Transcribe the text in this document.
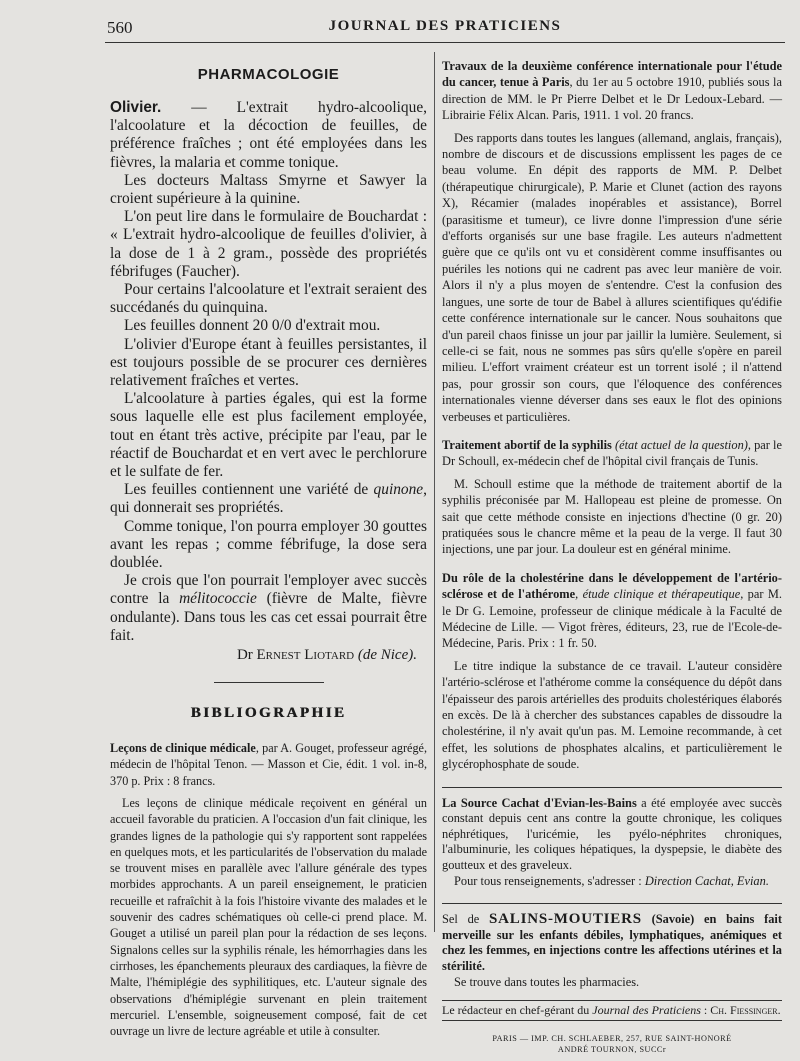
560	JOURNAL DES PRATICIENS
PHARMACOLOGIE

Olivier. — L'extrait hydro-alcoolique, l'alcoolature et la décoction de feuilles, de préférence fraîches ; ont été employées dans les fièvres, la malaria et comme tonique.

Les docteurs Maltass Smyrne et Sawyer la croient supérieure à la quinine.

L'on peut lire dans le formulaire de Bouchardat : « L'extrait hydro-alcoolique de feuilles d'olivier, à la dose de 1 à 2 gram., possède des propriétés fébrifuges (Faucher).

Pour certains l'alcoolature et l'extrait seraient des succédanés du quinquina.

Les feuilles donnent 20 0/0 d'extrait mou.

L'olivier d'Europe étant à feuilles persistantes, il est toujours possible de se procurer ces dernières relativement fraîches et vertes.

L'alcoolature à parties égales, qui est la forme sous laquelle elle est plus facilement employée, tout en étant très active, précipite par l'eau, par le réactif de Bouchardat et en vert avec le perchlorure et le sulfate de fer.

Les feuilles contiennent une variété de quinone, qui donnerait ses propriétés.

Comme tonique, l'on pourra employer 30 gouttes avant les repas ; comme fébrifuge, la dose sera doublée.

Je crois que l'on pourrait l'employer avec succès contre la mélitococcie (fièvre de Malte, fièvre ondulante). Dans tous les cas cet essai pourrait être fait.

Dr Ernest Liotard (de Nice).
BIBLIOGRAPHIE

Leçons de clinique médicale, par A. Gouget, professeur agrégé, médecin de l'hôpital Tenon. — Masson et Cie, édit. 1 vol. in-8, 370 p. Prix : 8 francs.

Les leçons de clinique médicale reçoivent en général un accueil favorable du praticien. A l'occasion d'un fait clinique, les grandes lignes de la pathologie qui s'y rapportent sont rappelées en quelques mots, et les particularités de l'observation du malade se trouvent mises en parallèle avec l'allure générale des types morbides approchants. A un pareil enseignement, le praticien recueille et rafraîchit à la fois l'histoire vivante des malades et le souvenir des cadres schématiques où celle-ci prend place. M. Gouget a utilisé un pareil plan pour la rédaction de ses leçons. Signalons celles sur la syphilis rénale, les hémorrhagies dans les cirrhoses, les épanchements pleuraux des cardiaques, la fièvre de Malte, l'hémiplégie des syphilitiques, etc. L'auteur signale des observations d'hémiplégie survenant en plein traitement mercuriel. L'ensemble, soigneusement composé, fait de cet ouvrage un livre de lecture agréable et utile à consulter.

Travaux de la deuxième conférence internationale pour l'étude du cancer, tenue à Paris, du 1er au 5 octobre 1910, publiés sous la direction de MM. le Pr Pierre Delbet et le Dr Ledoux-Lebard. — Librairie Félix Alcan. Paris, 1911. 1 vol. 20 francs.

Des rapports dans toutes les langues (allemand, anglais, français), nombre de discours et de discussions emplissent les pages de ce beau volume. En dépit des rapports de MM. P. Delbet (thérapeutique chirurgicale), P. Marie et Clunet (action des rayons X), Récamier (malades inopérables et assistance), Borrel (parasitisme et tumeur), ce livre donne l'impression d'une série d'efforts organisés sur une base fragile. Les auteurs n'admettent guère que ce qu'ils ont vu et considèrent comme insuffisantes ou puériles les notions qui ne cadrent pas avec leur manière de voir. Alors il n'y a plus moyen de s'entendre. C'est la confusion des langues, une sorte de tour de Babel à allures scientifiques qu'édifie cette conférence internationale sur le cancer. Nous souhaitons que d'un pareil chaos finisse un jour par jaillir la lumière. Seulement, si celle-ci se fait, nous ne sommes pas sûrs qu'elle s'opère en pareil milieu. L'effort vraiment créateur est un torrent isolé ; il n'attend pas, pour grossir son cours, que l'éloquence des conférences internationales vienne déverser dans ses eaux le flot des opinions verbeuses et particulières.

Traitement abortif de la syphilis (état actuel de la question), par le Dr Schoull, ex-médecin chef de l'hôpital civil français de Tunis.

M. Schoull estime que la méthode de traitement abortif de la syphilis préconisée par M. Hallopeau est pleine de promesse. On sait que cette méthode consiste en injections d'hectine (0 gr. 20) pratiquées sous le chancre même et la peau de la verge. Il faut 30 injections, une par jour. La douleur est en général minime.

Du rôle de la cholestérine dans le développement de l'artério-sclérose et de l'athérome, étude clinique et thérapeutique, par M. le Dr G. Lemoine, professeur de clinique médicale à la Faculté de Médecine de Lille. — Vigot frères, éditeurs, 23, rue de l'Ecole-de-Médecine, Paris. Prix : 1 fr. 50.

Le titre indique la substance de ce travail. L'auteur considère l'artério-sclérose et l'athérome comme la conséquence du dépôt dans l'épaisseur des parois artérielles des produits cholestériques élaborés en excès. De là à chercher des substances capables de dissoudre la cholestérine, il n'y avait qu'un pas. M. Lemoine recommande, à cet effet, les solutions de phosphates alcalins, et particulièrement le glycérophosphate de soude.

La Source Cachat d'Evian-les-Bains a été employée avec succès constant depuis cent ans contre la goutte chronique, les coliques néphrétiques, l'uricémie, les pyélo-néphrites chroniques, l'albuminurie, les coliques hépatiques, la dyspepsie, le diabète des goutteux et des graveleux.

Pour tous renseignements, s'adresser : Direction Cachat, Evian.

Sel de SALINS-MOUTIERS (Savoie) en bains fait merveille sur les enfants débiles, lymphatiques, anémiques et chez les femmes, en injections contre les affections utérines et la stérilité.

Se trouve dans toutes les pharmacies.

Le rédacteur en chef-gérant du Journal des Praticiens : Ch. Fiessinger.
PARIS — IMP. CH. SCHLAEBER, 257, RUE SAINT-HONORÉ
ANDRÉ TOURNON, SUCCr
